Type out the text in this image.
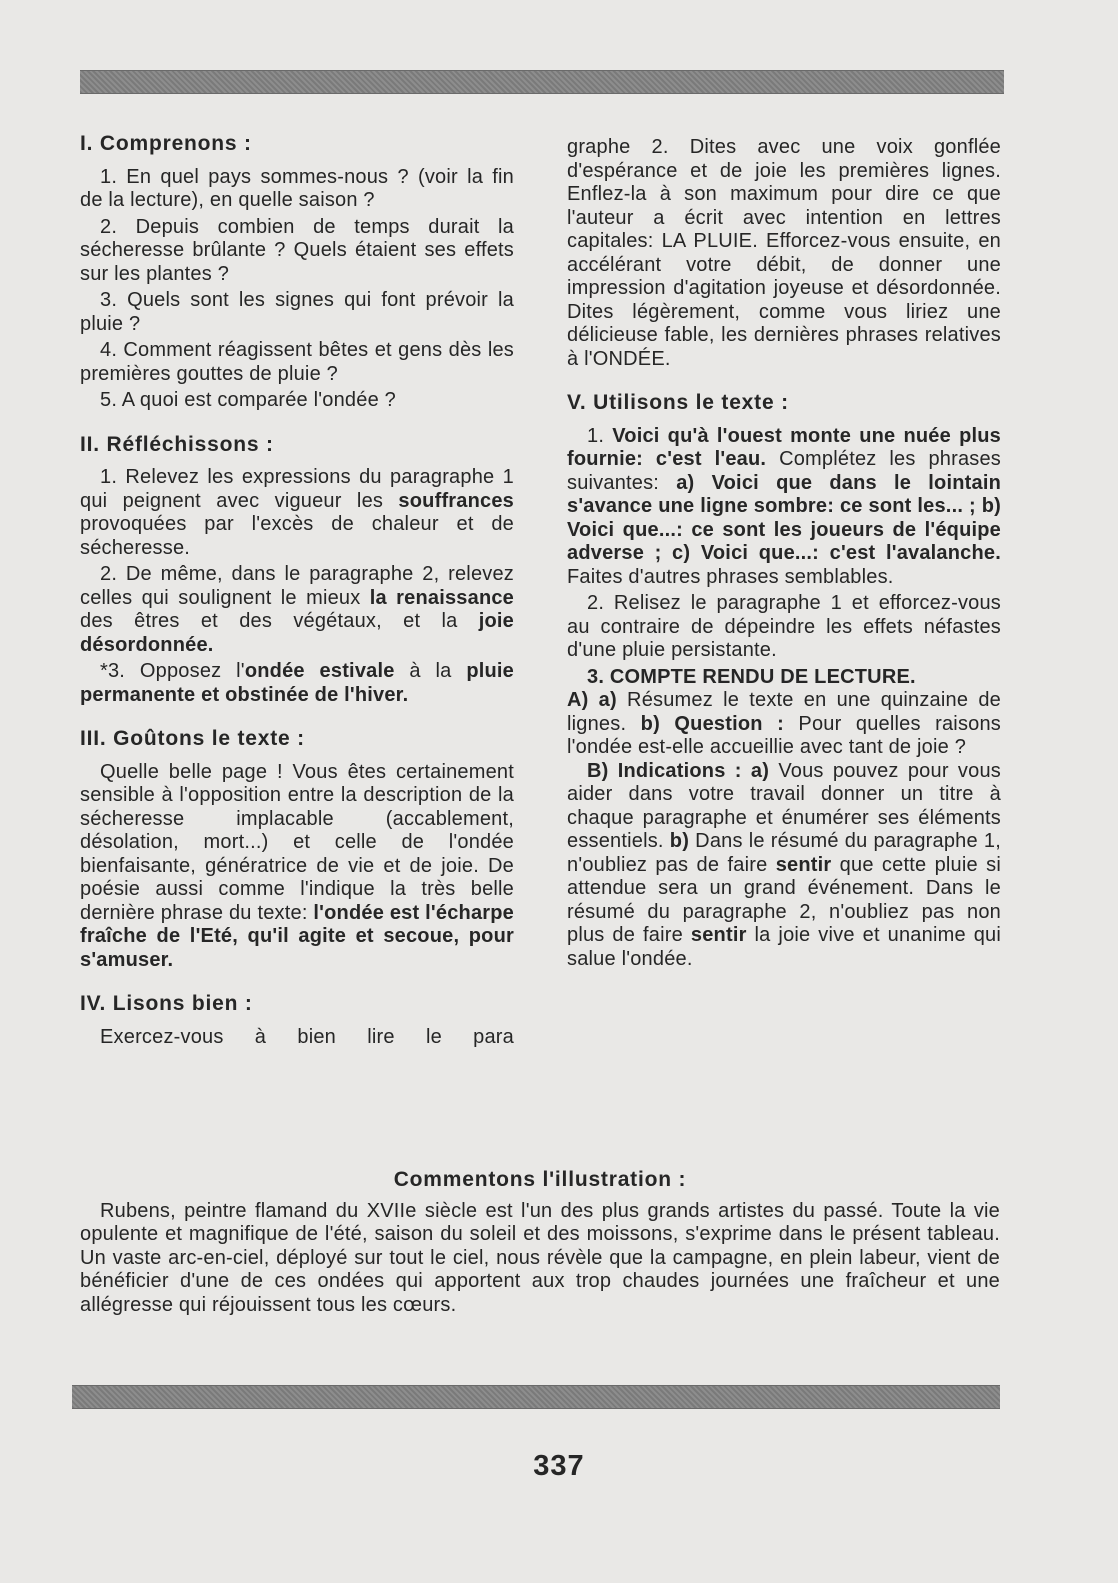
I. Comprenons :

1. En quel pays sommes-nous ? (voir la fin de la lecture), en quelle saison ?

2. Depuis combien de temps durait la sécheresse brûlante ? Quels étaient ses effets sur les plantes ?

3. Quels sont les signes qui font prévoir la pluie ?

4. Comment réagissent bêtes et gens dès les premières gouttes de pluie ?

5. A quoi est comparée l'ondée ?

II. Réfléchissons :

1. Relevez les expressions du paragraphe 1 qui peignent avec vigueur les souffrances provoquées par l'excès de chaleur et de sécheresse.

2. De même, dans le paragraphe 2, relevez celles qui soulignent le mieux la renaissance des êtres et des végétaux, et la joie désordonnée.

*3. Opposez l'ondée estivale à la pluie permanente et obstinée de l'hiver.

III. Goûtons le texte :

Quelle belle page ! Vous êtes certainement sensible à l'opposition entre la description de la sécheresse implacable (accablement, désolation, mort...) et celle de l'ondée bienfaisante, génératrice de vie et de joie. De poésie aussi comme l'indique la très belle dernière phrase du texte: l'ondée est l'écharpe fraîche de l'Eté, qu'il agite et secoue, pour s'amuser.

IV. Lisons bien :

Exercez-vous à bien lire le para

graphe 2. Dites avec une voix gonflée d'espérance et de joie les premières lignes. Enflez-la à son maximum pour dire ce que l'auteur a écrit avec intention en lettres capitales: LA PLUIE. Efforcez-vous ensuite, en accélérant votre débit, de donner une impression d'agitation joyeuse et désordonnée. Dites légèrement, comme vous liriez une délicieuse fable, les dernières phrases relatives à l'ONDÉE.

V. Utilisons le texte :

1. Voici qu'à l'ouest monte une nuée plus fournie: c'est l'eau. Complétez les phrases suivantes: a) Voici que dans le lointain s'avance une ligne sombre: ce sont les... ; b) Voici que...: ce sont les joueurs de l'équipe adverse ; c) Voici que...: c'est l'avalanche. Faites d'autres phrases semblables.

2. Relisez le paragraphe 1 et efforcez-vous au contraire de dépeindre les effets néfastes d'une pluie persistante.

3. COMPTE RENDU DE LECTURE.

A) a) Résumez le texte en une quinzaine de lignes. b) Question : Pour quelles raisons l'ondée est-elle accueillie avec tant de joie ?

B) Indications : a) Vous pouvez pour vous aider dans votre travail donner un titre à chaque paragraphe et énumérer ses éléments essentiels. b) Dans le résumé du paragraphe 1, n'oubliez pas de faire sentir que cette pluie si attendue sera un grand événement. Dans le résumé du paragraphe 2, n'oubliez pas non plus de faire sentir la joie vive et unanime qui salue l'ondée.

Commentons l'illustration :

Rubens, peintre flamand du XVIIe siècle est l'un des plus grands artistes du passé. Toute la vie opulente et magnifique de l'été, saison du soleil et des moissons, s'exprime dans le présent tableau. Un vaste arc-en-ciel, déployé sur tout le ciel, nous révèle que la campagne, en plein labeur, vient de bénéficier d'une de ces ondées qui apportent aux trop chaudes journées une fraîcheur et une allégresse qui réjouissent tous les cœurs.

337
